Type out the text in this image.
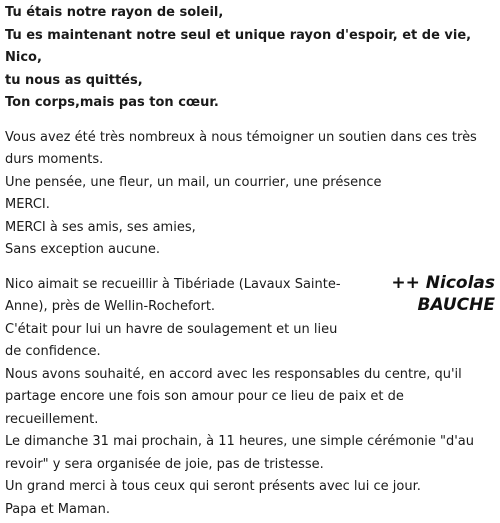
Tu étais notre rayon de soleil,
Tu es maintenant notre seul et unique rayon d'espoir, et de vie, Nico,
tu nous as quittés,
Ton corps,mais pas ton cœur.

Vous avez été très nombreux à nous témoigner un soutien dans ces très durs moments.

Une pensée, une fleur, un mail, un courrier, une présence

MERCI.

MERCI à ses amis, ses amies,

Sans exception aucune.

Nico aimait se recueillir à Tibériade (Lavaux Sainte-Anne), près de Wellin-Rochefort.

C'était pour lui un havre de soulagement et un lieu de confidence.

Nous avons souhaité, en accord avec les responsables du centre, qu'il partage encore une fois son amour pour ce lieu de paix et de recueillement.

Le dimanche 31 mai prochain, à 11 heures, une simple cérémonie "d'au revoir" y sera organisée de joie, pas de tristesse.

Un grand merci à tous ceux qui seront présents avec lui ce jour.

Papa et Maman.

++ Nicolas
BAUCHE
